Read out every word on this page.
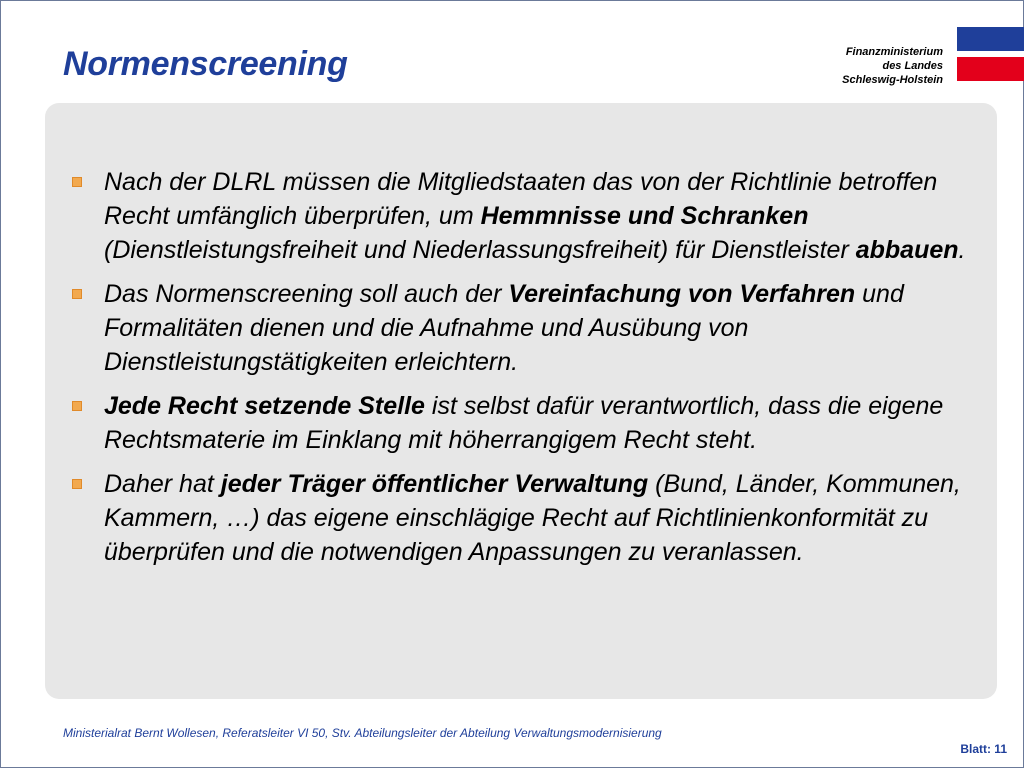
Normenscreening	Finanzministerium
des Landes
Schleswig-Holstein
Nach der DLRL müssen die Mitgliedstaaten das von der Richtlinie betroffen Recht umfänglich überprüfen, um Hemmnisse und Schranken (Dienstleistungsfreiheit und Niederlassungsfreiheit) für Dienstleister abbauen.
Das Normenscreening soll auch der Vereinfachung von Verfahren und Formalitäten dienen und die Aufnahme und Ausübung von Dienstleistungstätigkeiten erleichtern.
Jede Recht setzende Stelle ist selbst dafür verantwortlich, dass die eigene Rechtsmaterie im Einklang mit höherrangigem Recht steht.
Daher hat jeder Träger öffentlicher Verwaltung (Bund, Länder, Kommunen, Kammern, …) das eigene einschlägige Recht auf Richtlinienkonformität zu überprüfen und die notwendigen Anpassungen zu veranlassen.
Ministerialrat Bernt Wollesen, Referatsleiter VI 50, Stv. Abteilungsleiter der Abteilung Verwaltungsmodernisierung
Blatt: 11
